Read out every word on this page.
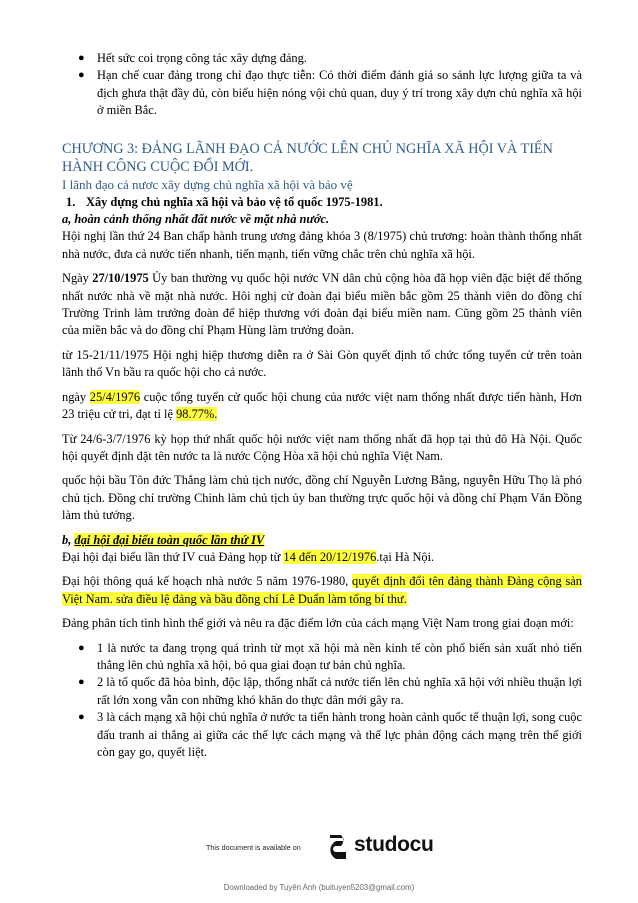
● Hết sức coi trọng công tác xây dựng đảng.
● Hạn chế cuar đảng trong chỉ đạo thực tiễn: Có thời điểm đánh giá so sánh lực lượng giữa ta và địch ghưa thật đầy đủ, còn biểu hiện nóng vội chủ quan, duy ý trí trong xây dựn chủ nghĩa xã hội ở miền Bắc.
CHƯƠNG 3: ĐẢNG LÃNH ĐẠO CẢ NƯỚC LÊN CHỦ NGHĨA XÃ HỘI VÀ TIẾN HÀNH CÔNG CUỘC ĐỔI MỚI.
I lãnh đạo cả nươc xây dựng chủ nghĩa xã hội và bảo vệ
1. Xây dựng chủ nghĩa xã hội và bảo vệ tổ quốc 1975-1981.
a, hoàn cảnh thống nhất đất nước về mặt nhà nước.

Hội nghị lần thứ 24 Ban chấp hành trung ương đảng khóa 3 (8/1975) chủ trương: hoàn thành thống nhất nhà nước, đưa cả nước tiến nhanh, tiến mạnh, tiến vững chắc trên chủ nghĩa xã hội.

Ngày 27/10/1975 Ủy ban thường vụ quốc hội nước VN dân chủ cộng hòa đã họp viên đặc biệt để thống nhất nước nhà về mặt nhà nước. Hôi nghị cử đoàn đại biểu miền bắc gồm 25 thành viên do đồng chí Trường Trinh làm trưởng đoàn để hiệp thương với đoàn đại biểu miền nam. Cũng gồm 25 thành viên của miền bắc và do đồng chí Phạm Hùng làm trưởng đoàn.

từ 15-21/11/1975 Hội nghị hiệp thương diễn ra ở Sài Gòn quyết định tổ chức tổng tuyển cử trên toàn lãnh thổ Vn bầu ra quốc hội cho cả nước.

ngày 25/4/1976 cuộc tổng tuyển cử quốc hội chung của nước việt nam thống nhất được tiến hành, Hơn 23 triệu cử tri, đạt tỉ lệ 98.77%.

Từ 24/6-3/7/1976 kỳ họp thứ nhất quốc hội nước việt nam thống nhất đã họp tại thủ đô Hà Nội. Quốc hội quyết định đặt tên nước ta là nước Cộng Hòa xã hội chủ nghĩa Việt Nam.

quốc hội bầu Tôn đức Thắng làm chủ tịch nước, đồng chí Nguyễn Lương Bằng, nguyễn Hữu Thọ là phó chủ tịch. Đồng chí trường Chinh làm chủ tịch ủy ban thường trực quốc hội và đồng chí Phạm Văn Đồng làm thủ tướng.

b, đại hội đại biểu toàn quốc lần thứ IV

Đại hội đại biểu lần thứ IV cuả Đảng họp từ 14 đến 20/12/1976.tại Hà Nội.

Đại hội thông quá kế hoạch nhà nước 5 năm 1976-1980, quyết định đổi tên đảng thành Đảng cộng sản Việt Nam. sửa điều lệ đảng và bầu đồng chí Lê Duẩn làm tổng bí thư.

Đảng phân tích tình hình thế giới và nêu ra đặc điểm lớn của cách mạng Việt Nam trong giai đoạn mới:

● 1 là nước ta đang trọng quá trình từ mọt xã hội mà nền kinh tế còn phổ biến sản xuất nhỏ tiến thẳng lên chủ nghĩa xã hội, bỏ qua giai đoạn tư bản chủ nghĩa.
● 2 là tổ quốc đã hòa bình, độc lập, thống nhất cả nước tiến lên chủ nghĩa xã hội với nhiều thuận lợi rất lớn xong vẫn con những khó khăn do thực dân mới gây ra.
● 3 là cách mạng xã hội chủ nghĩa ở nước ta tiến hành trong hoàn cảnh quốc tế thuận lợi, song cuộc đấu tranh ai thắng ai giữa các thế lực cách mạng và thế lực phản động cách mạng trên thế giới còn gay go, quyết liệt.
This document is available on	studocu
Downloaded by Tuyên Anh (buituyen5203@gmail.com)
